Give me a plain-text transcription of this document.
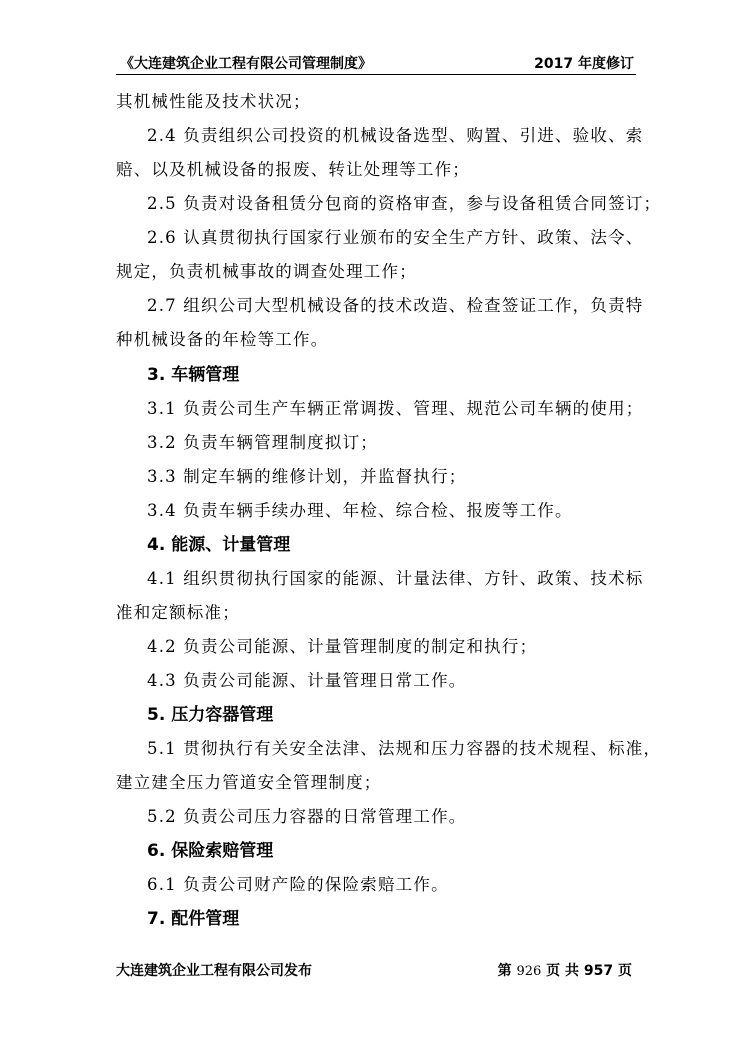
《大连建筑企业工程有限公司管理制度》	2017 年度修订
其机械性能及技术状况；
2.4 负责组织公司投资的机械设备选型、购置、引进、验收、索
赔、以及机械设备的报废、转让处理等工作；
2.5 负责对设备租赁分包商的资格审查，参与设备租赁合同签订；
2.6 认真贯彻执行国家行业颁布的安全生产方针、政策、法令、
规定，负责机械事故的调查处理工作；
2.7 组织公司大型机械设备的技术改造、检查签证工作，负责特
种机械设备的年检等工作。
3. 车辆管理
3.1 负责公司生产车辆正常调拨、管理、规范公司车辆的使用；
3.2 负责车辆管理制度拟订；
3.3 制定车辆的维修计划，并监督执行；
3.4 负责车辆手续办理、年检、综合检、报废等工作。
4. 能源、计量管理
4.1 组织贯彻执行国家的能源、计量法律、方针、政策、技术标
准和定额标准；
4.2 负责公司能源、计量管理制度的制定和执行；
4.3 负责公司能源、计量管理日常工作。
5. 压力容器管理
5.1 贯彻执行有关安全法津、法规和压力容器的技术规程、标准，
建立建全压力管道安全管理制度；
5.2 负责公司压力容器的日常管理工作。
6. 保险索赔管理
6.1 负责公司财产险的保险索赔工作。
7. 配件管理
大连建筑企业工程有限公司发布	第 926 页 共 957 页
